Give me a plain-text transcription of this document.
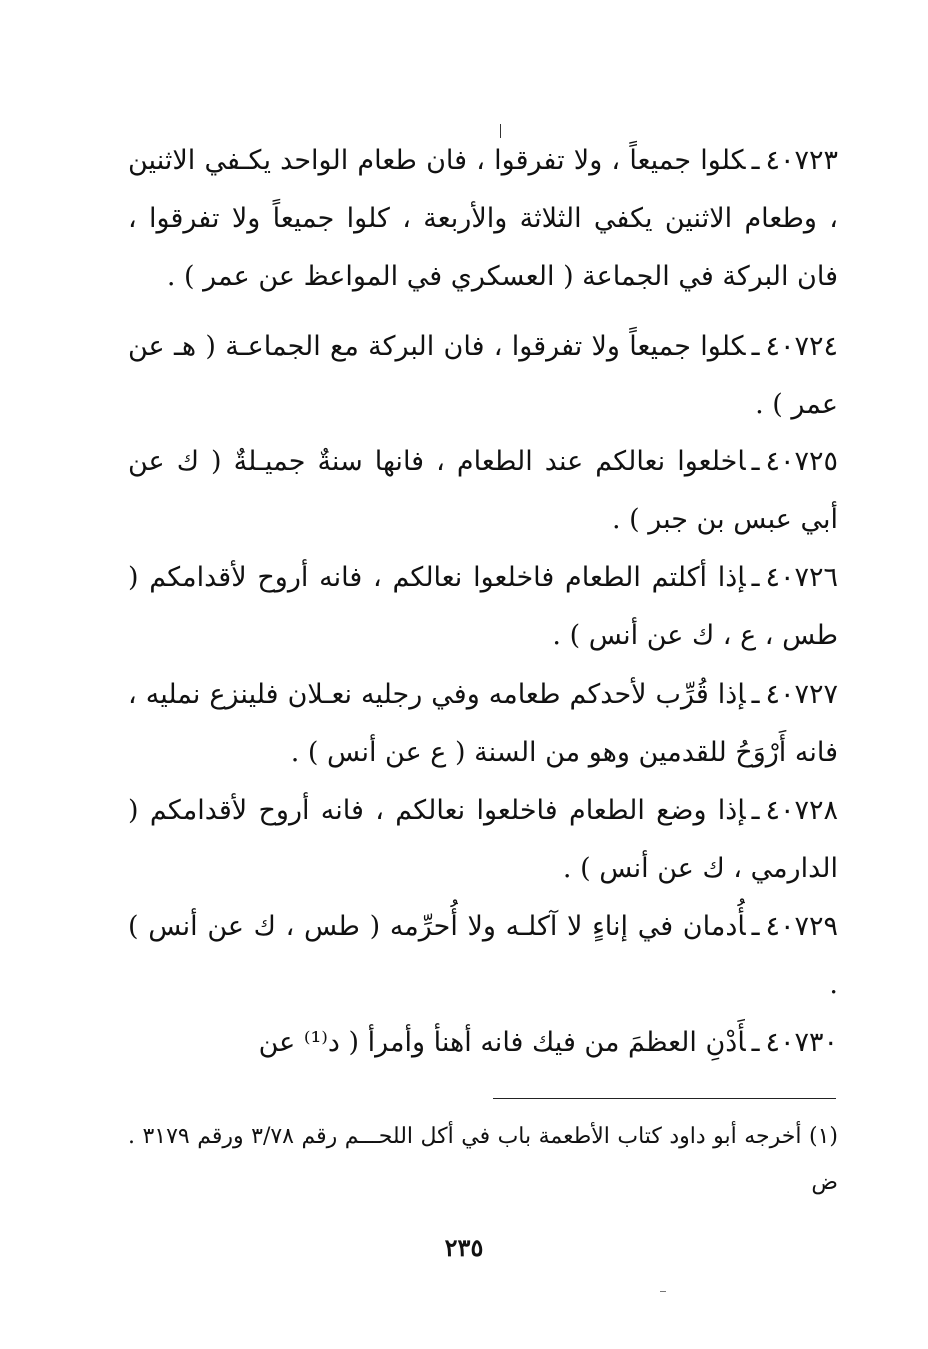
٤٠٧٢٣ـكلوا جميعاً ، ولا تفرقوا ، فان طعام الواحد يكـفي الاثنين ، وطعام الاثنين يكفي الثلاثة والأربعة ، كلوا جميعاً ولا تفرقوا ، فان البركة في الجماعة ( العسكري في المواعظ عن عمر ) .

٤٠٧٢٤ـكلوا جميعاً ولا تفرقوا ، فان البركة مع الجماعـة ( هـ عن عمر ) .

٤٠٧٢٥ـاخلعوا نعالكم عند الطعام ، فانها سنةٌ جميـلةٌ ( ك عن أبي عبس بن جبر ) .

٤٠٧٢٦ـإذا أكلتم الطعام فاخلعوا نعالكم ، فانه أروح لأقدامكم ( طس ، ع ، ك عن أنس ) .

٤٠٧٢٧ـإذا قُرِّب لأحدكم طعامه وفي رجليه نعـلان فلينزع نمليه ، فانه أَرْوَحُ للقدمين وهو من السنة ( ع عن أنس ) .

٤٠٧٢٨ـإذا وضع الطعام فاخلعوا نعالكم ، فانه أروح لأقدامكم ( الدارمي ، ك عن أنس ) .

٤٠٧٢٩ـأُدمان في إناءٍ لا آكلـه ولا أُحرِّمه ( طس ، ك عن أنس ) .

٤٠٧٣٠ـأَدْنِ العظمَ من فيك فانه أهنأ وأمرأ ( د⁽¹⁾ عن

(١) أخرجه أبو داود كتاب الأطعمة باب في أكل اللحـــم رقم ٣/٧٨ ورقم ٣١٧٩ . ض

٢٣٥
